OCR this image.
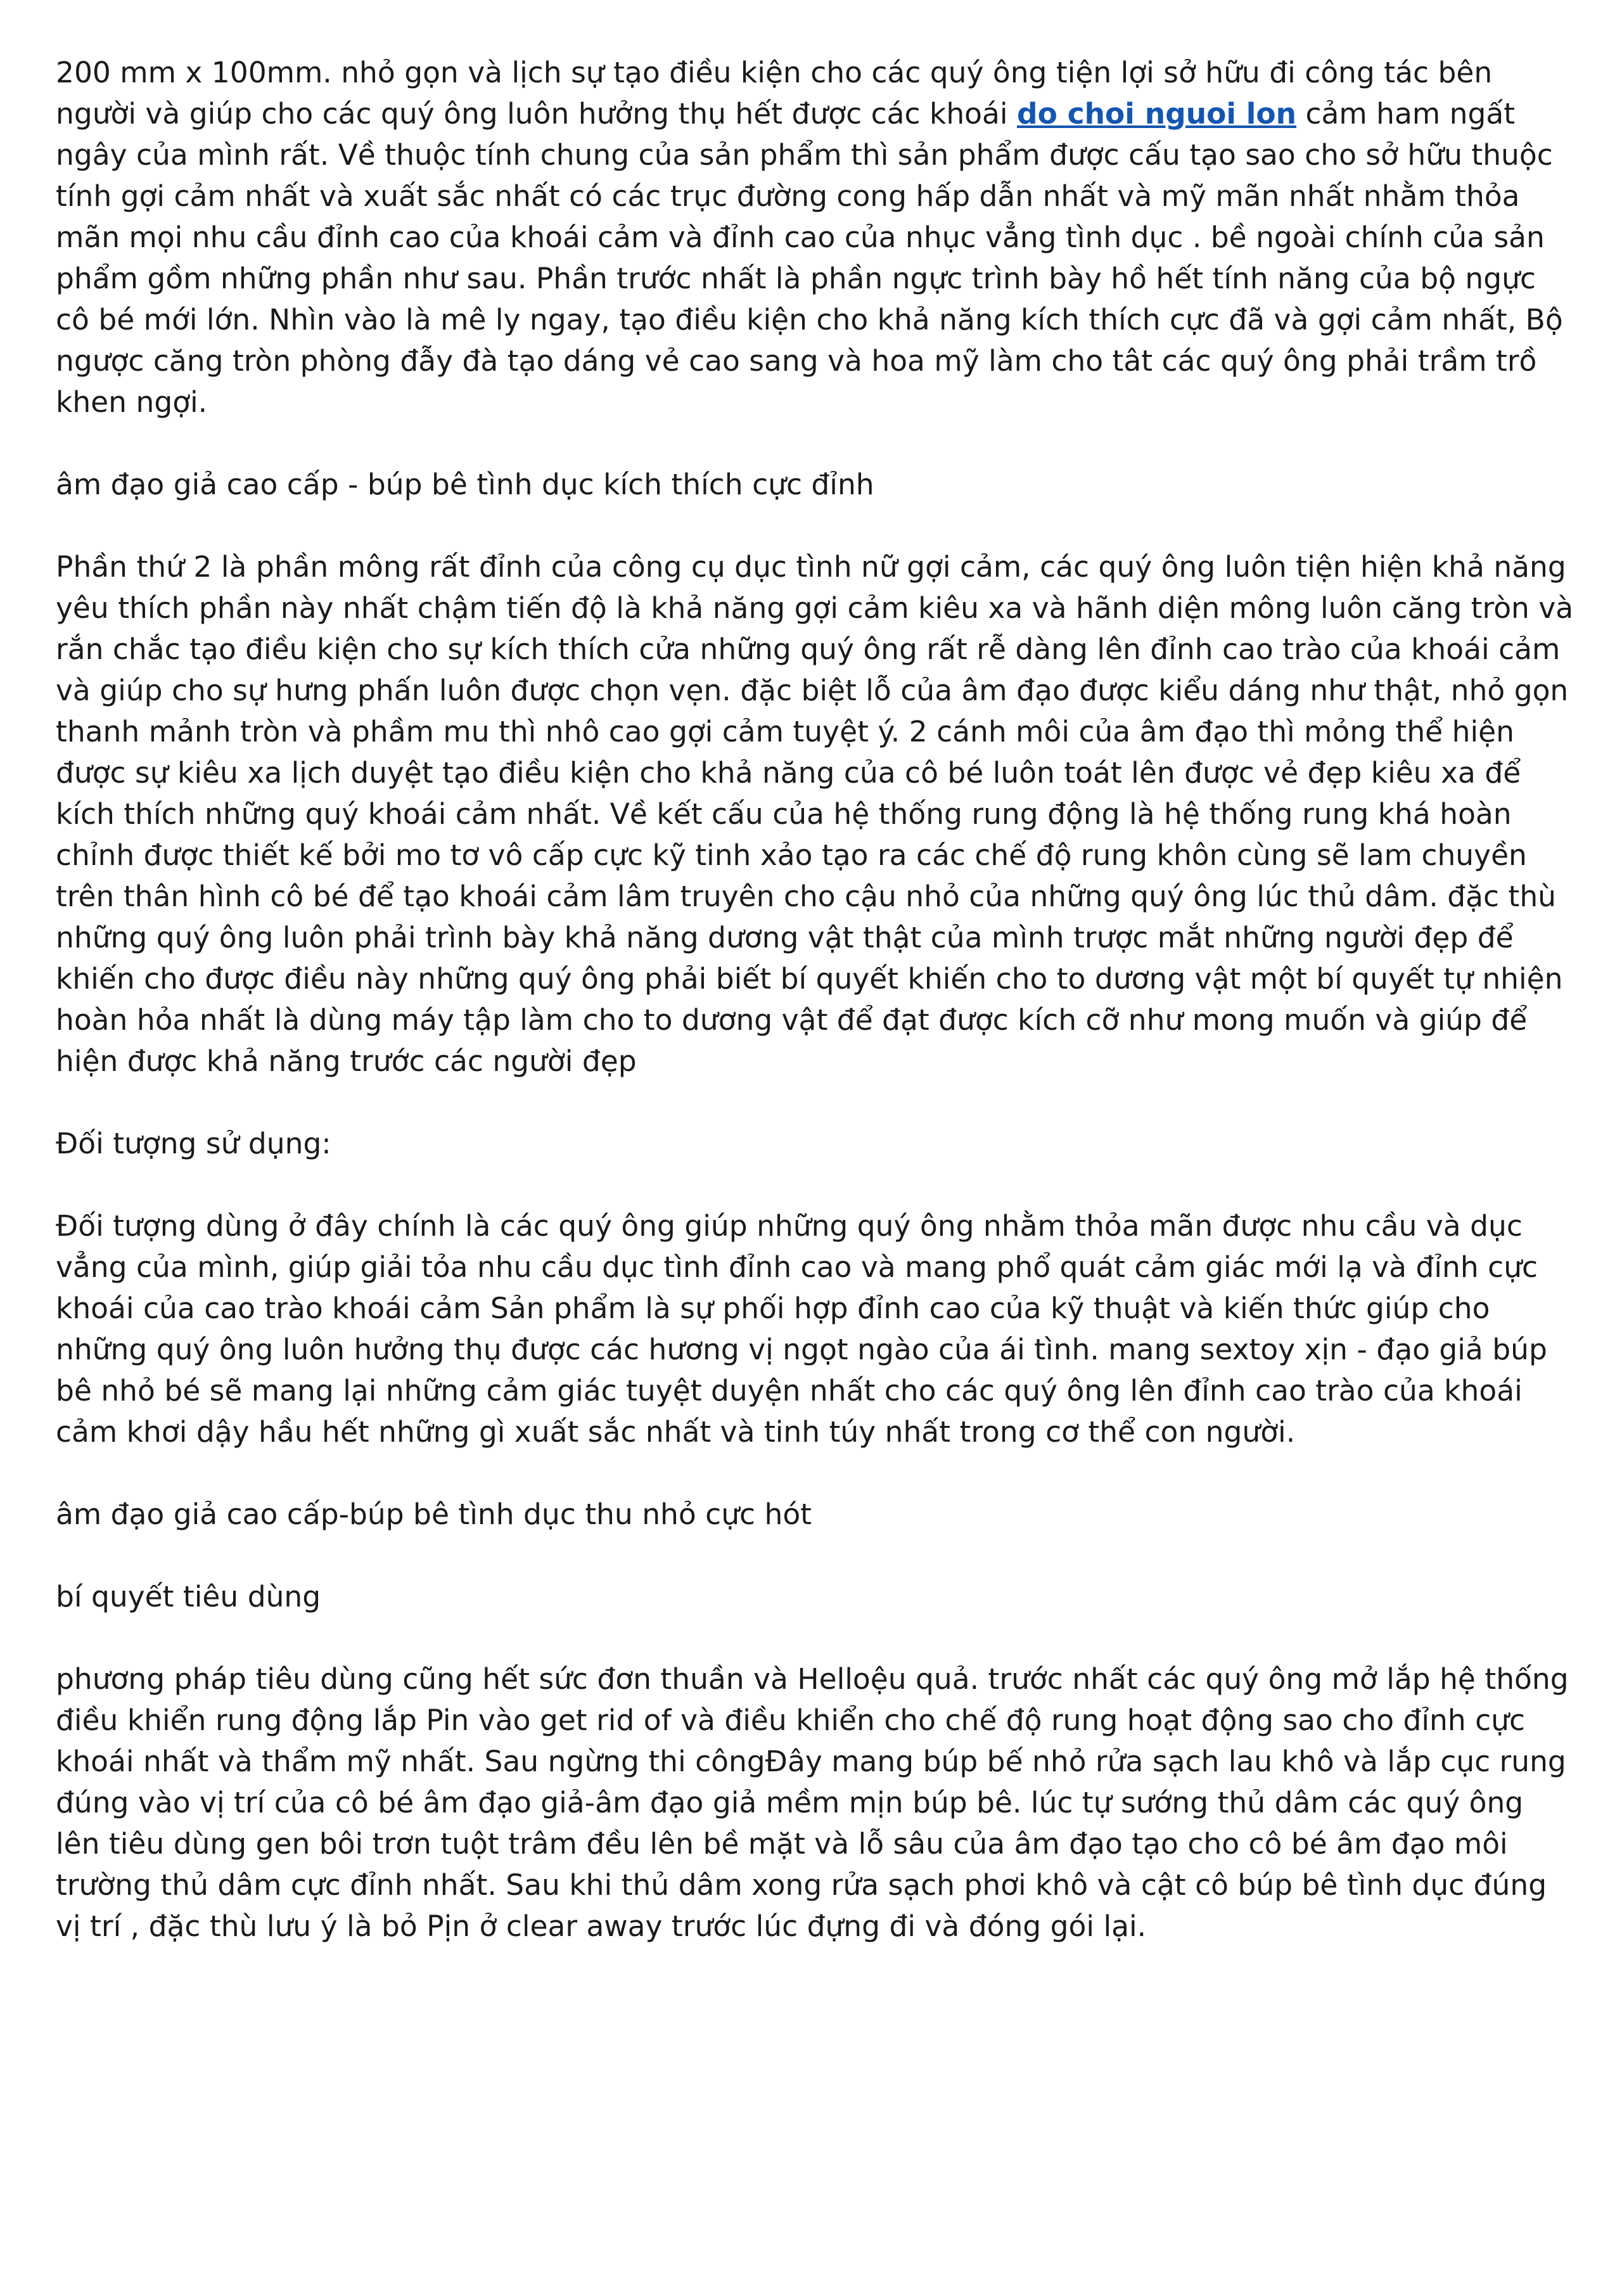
200 mm x 100mm. nhỏ gọn và lịch sự tạo điều kiện cho các quý ông tiện lợi sở hữu đi công tác bên người và giúp cho các quý ông luôn hưởng thụ hết được các khoái do choi nguoi lon cảm ham ngất ngây của mình rất. Về thuộc tính chung của sản phẩm thì sản phẩm được cấu tạo sao cho sở hữu thuộc tính gợi cảm nhất và xuất sắc nhất có các trục đường cong hấp dẫn nhất và mỹ mãn nhất nhằm thỏa mãn mọi nhu cầu đỉnh cao của khoái cảm và đỉnh cao của nhục vẳng tình dục . bề ngoài chính của sản phẩm gồm những phần như sau. Phần trước nhất là phần ngực trình bày hồ hết tính năng của bộ ngực cô bé mới lớn. Nhìn vào là mê ly ngay, tạo điều kiện cho khả năng kích thích cực đã và gợi cảm nhất, Bộ ngược căng tròn phòng đẫy đà tạo dáng vẻ cao sang và hoa mỹ làm cho tât các quý ông phải trầm trồ khen ngợi.

âm đạo giả cao cấp - búp bê tình dục kích thích cực đỉnh

Phần thứ 2 là phần mông rất đỉnh của công cụ dục tình nữ gợi cảm, các quý ông luôn tiện hiện khả năng yêu thích phần này nhất chậm tiến độ là khả năng gợi cảm kiêu xa và hãnh diện mông luôn căng tròn và rắn chắc tạo điều kiện cho sự kích thích cửa những quý ông rất rễ dàng lên đỉnh cao trào của khoái cảm và giúp cho sự hưng phấn luôn được chọn vẹn. đặc biệt lỗ của âm đạo được kiểu dáng như thật, nhỏ gọn thanh mảnh tròn và phầm mu thì nhô cao gợi cảm tuyệt ý. 2 cánh môi của âm đạo thì mỏng thể hiện được sự kiêu xa lịch duyệt tạo điều kiện cho khả năng của cô bé luôn toát lên được vẻ đẹp kiêu xa để kích thích những quý khoái cảm nhất. Về kết cấu của hệ thống rung động là hệ thống rung khá hoàn chỉnh được thiết kế bởi mo tơ vô cấp cực kỹ tinh xảo tạo ra các chế độ rung khôn cùng sẽ lam chuyền trên thân hình cô bé để tạo khoái cảm lâm truyên cho cậu nhỏ của những quý ông lúc thủ dâm. đặc thù những quý ông luôn phải trình bày khả năng dương vật thật của mình trược mắt những người đẹp để khiến cho được điều này những quý ông phải biết bí quyết khiến cho to dương vật một bí quyết tự nhiện hoàn hỏa nhất là dùng máy tập làm cho to dương vật để đạt được kích cỡ như mong muốn và giúp để hiện được khả năng trước các người đẹp

Đối tượng sử dụng:

Đối tượng dùng ở đây chính là các quý ông giúp những quý ông nhằm thỏa mãn được nhu cầu và dục vẳng của mình, giúp giải tỏa nhu cầu dục tình đỉnh cao và mang phổ quát cảm giác mới lạ và đỉnh cực khoái của cao trào khoái cảm Sản phẩm là sự phối hợp đỉnh cao của kỹ thuật và kiến thức giúp cho những quý ông luôn hưởng thụ được các hương vị ngọt ngào của ái tình. mang sextoy xịn - đạo giả búp bê nhỏ bé sẽ mang lại những cảm giác tuyệt duyện nhất cho các quý ông lên đỉnh cao trào của khoái cảm khơi dậy hầu hết những gì xuất sắc nhất và tinh túy nhất trong cơ thể con người.

âm đạo giả cao cấp-búp bê tình dục thu nhỏ cực hót

bí quyết tiêu dùng

phương pháp tiêu dùng cũng hết sức đơn thuần và Helloệu quả. trước nhất các quý ông mở lắp hệ thống điều khiển rung động lắp Pin vào get rid of và điều khiển cho chế độ rung hoạt động sao cho đỉnh cực khoái nhất và thẩm mỹ nhất. Sau ngừng thi côngĐây mang búp bế nhỏ rửa sạch lau khô và lắp cục rung đúng vào vị trí của cô bé âm đạo giả-âm đạo giả mềm mịn búp bê. lúc tự sướng thủ dâm các quý ông lên tiêu dùng gen bôi trơn tuột trâm đều lên bề mặt và lỗ sâu của âm đạo tạo cho cô bé âm đạo môi trường thủ dâm cực đỉnh nhất. Sau khi thủ dâm xong rửa sạch phơi khô và cật cô búp bê tình dục đúng vị trí , đặc thù lưu ý là bỏ Pịn ở clear away trước lúc đựng đi và đóng gói lại.
